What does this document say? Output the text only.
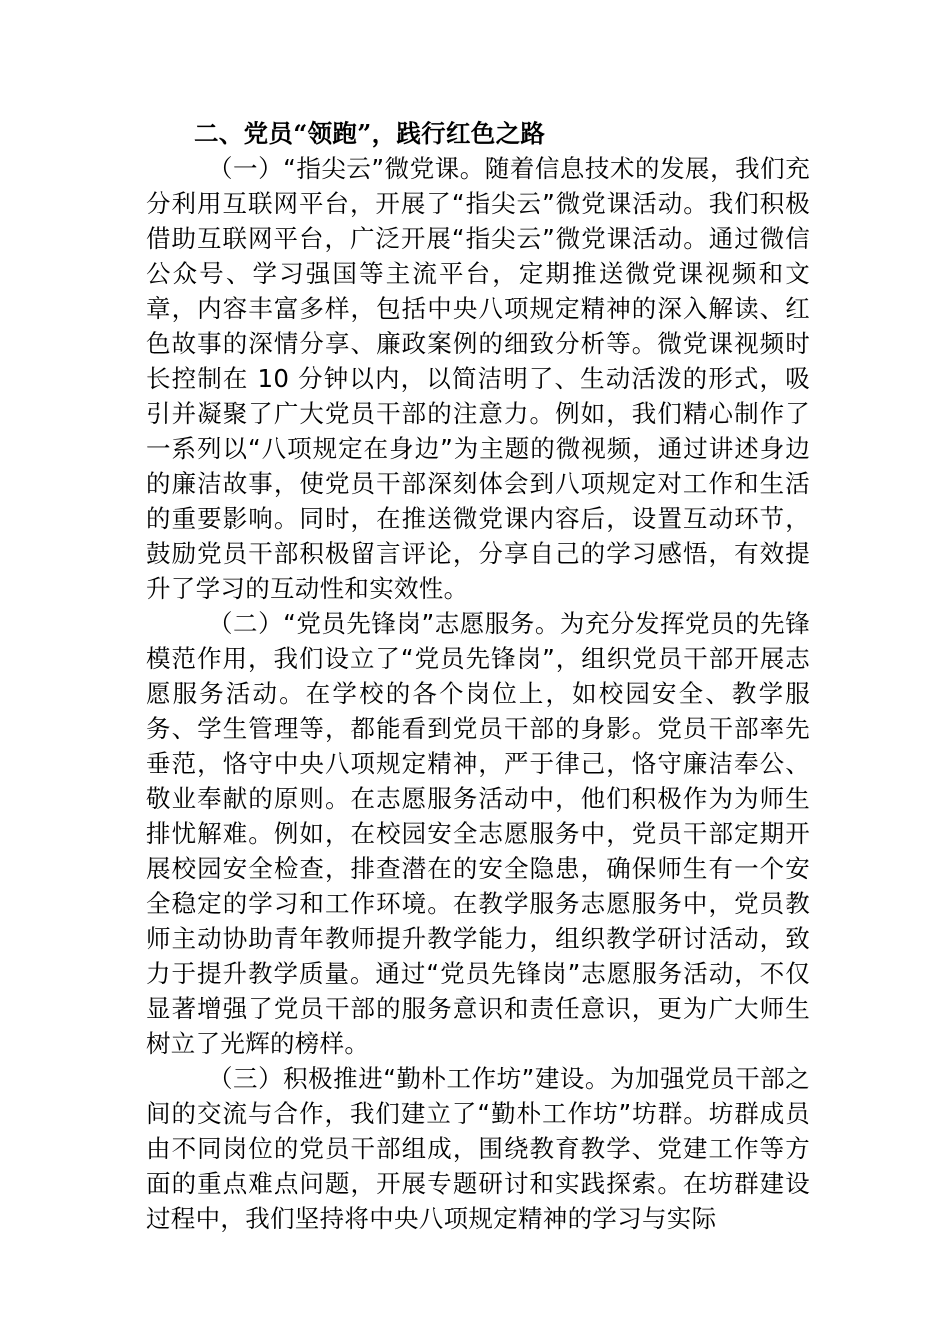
二、党员“领跑”，践行红色之路

（一）“指尖云”微党课。随着信息技术的发展，我们充分利用互联网平台，开展了“指尖云”微党课活动。我们积极借助互联网平台，广泛开展“指尖云”微党课活动。通过微信公众号、学习强国等主流平台，定期推送微党课视频和文章，内容丰富多样，包括中央八项规定精神的深入解读、红色故事的深情分享、廉政案例的细致分析等。微党课视频时长控制在 10 分钟以内，以简洁明了、生动活泼的形式，吸引并凝聚了广大党员干部的注意力。例如，我们精心制作了一系列以“八项规定在身边”为主题的微视频，通过讲述身边的廉洁故事，使党员干部深刻体会到八项规定对工作和生活的重要影响。同时，在推送微党课内容后，设置互动环节，鼓励党员干部积极留言评论，分享自己的学习感悟，有效提升了学习的互动性和实效性。

（二）“党员先锋岗”志愿服务。为充分发挥党员的先锋模范作用，我们设立了“党员先锋岗”，组织党员干部开展志愿服务活动。在学校的各个岗位上，如校园安全、教学服务、学生管理等，都能看到党员干部的身影。党员干部率先垂范，恪守中央八项规定精神，严于律己，恪守廉洁奉公、敬业奉献的原则。在志愿服务活动中，他们积极作为为师生排忧解难。例如，在校园安全志愿服务中，党员干部定期开展校园安全检查，排查潜在的安全隐患，确保师生有一个安全稳定的学习和工作环境。在教学服务志愿服务中，党员教师主动协助青年教师提升教学能力，组织教学研讨活动，致力于提升教学质量。通过“党员先锋岗”志愿服务活动，不仅显著增强了党员干部的服务意识和责任意识，更为广大师生树立了光辉的榜样。

（三）积极推进“勤朴工作坊”建设。为加强党员干部之间的交流与合作，我们建立了“勤朴工作坊”坊群。坊群成员由不同岗位的党员干部组成，围绕教育教学、党建工作等方面的重点难点问题，开展专题研讨和实践探索。在坊群建设过程中，我们坚持将中央八项规定精神的学习与实际
